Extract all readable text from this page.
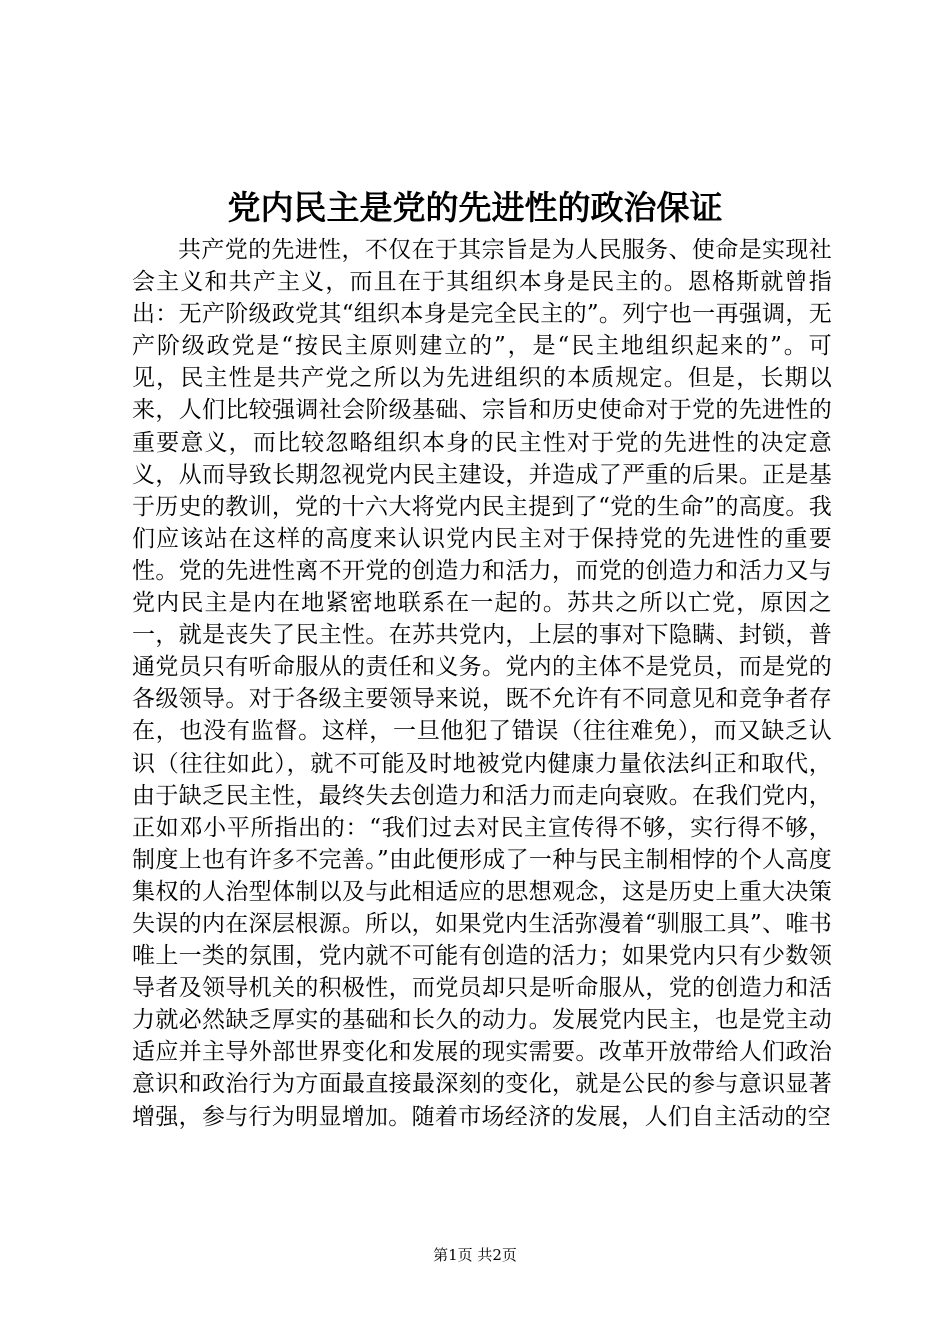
党内民主是党的先进性的政治保证

共产党的先进性，不仅在于其宗旨是为人民服务、使命是实现社会主义和共产主义，而且在于其组织本身是民主的。恩格斯就曾指出：无产阶级政党其“组织本身是完全民主的”。列宁也一再强调，无产阶级政党是“按民主原则建立的”，是“民主地组织起来的”。可见，民主性是共产党之所以为先进组织的本质规定。但是，长期以来，人们比较强调社会阶级基础、宗旨和历史使命对于党的先进性的重要意义，而比较忽略组织本身的民主性对于党的先进性的决定意义，从而导致长期忽视党内民主建设，并造成了严重的后果。正是基于历史的教训，党的十六大将党内民主提到了“党的生命”的高度。我们应该站在这样的高度来认识党内民主对于保持党的先进性的重要性。党的先进性离不开党的创造力和活力，而党的创造力和活力又与党内民主是内在地紧密地联系在一起的。苏共之所以亡党，原因之一，就是丧失了民主性。在苏共党内，上层的事对下隐瞒、封锁，普通党员只有听命服从的责任和义务。党内的主体不是党员，而是党的各级领导。对于各级主要领导来说，既不允许有不同意见和竞争者存在，也没有监督。这样，一旦他犯了错误（往往难免），而又缺乏认识（往往如此），就不可能及时地被党内健康力量依法纠正和取代，由于缺乏民主性，最终失去创造力和活力而走向衰败。在我们党内，正如邓小平所指出的：“我们过去对民主宣传得不够，实行得不够，制度上也有许多不完善。”由此便形成了一种与民主制相悖的个人高度集权的人治型体制以及与此相适应的思想观念，这是历史上重大决策失误的内在深层根源。所以，如果党内生活弥漫着“驯服工具”、唯书唯上一类的氛围，党内就不可能有创造的活力；如果党内只有少数领导者及领导机关的积极性，而党员却只是听命服从，党的创造力和活力就必然缺乏厚实的基础和长久的动力。发展党内民主，也是党主动适应并主导外部世界变化和发展的现实需要。改革开放带给人们政治意识和政治行为方面最直接最深刻的变化，就是公民的参与意识显著增强，参与行为明显增加。随着市场经济的发展，人们自主活动的空

第1页 共2页
